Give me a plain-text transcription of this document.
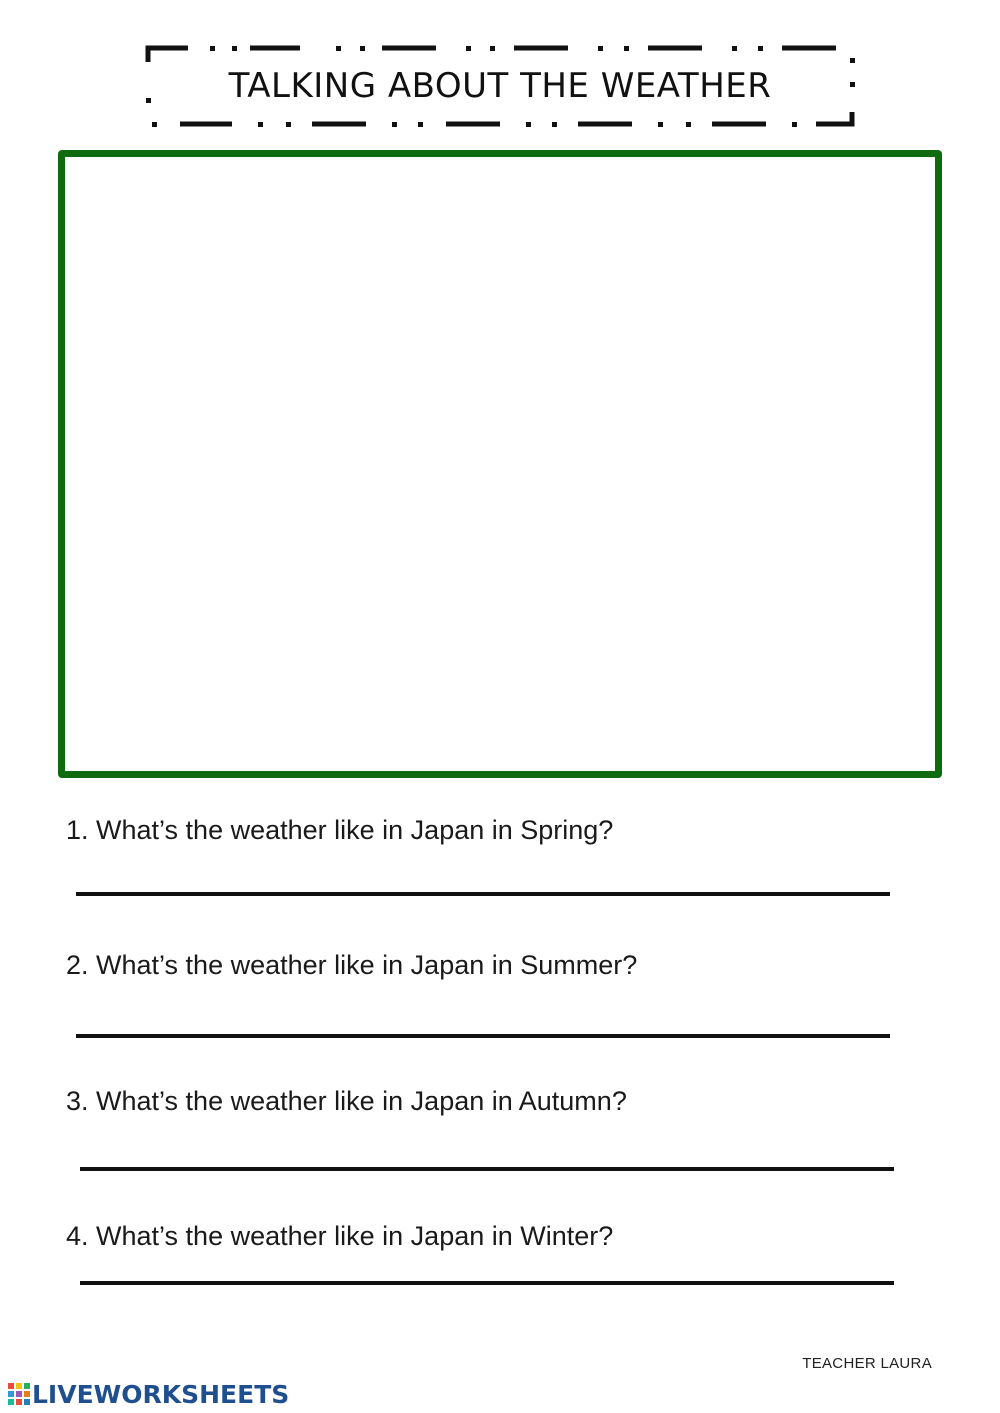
TALKING ABOUT THE WEATHER
1. What’s the weather like in Japan in Spring?
2. What’s the weather like in Japan in Summer?
3. What’s the weather like in Japan in Autumn?
4. What’s the weather like in Japan in Winter?
TEACHER LAURA
LIVEWORKSHEETS
